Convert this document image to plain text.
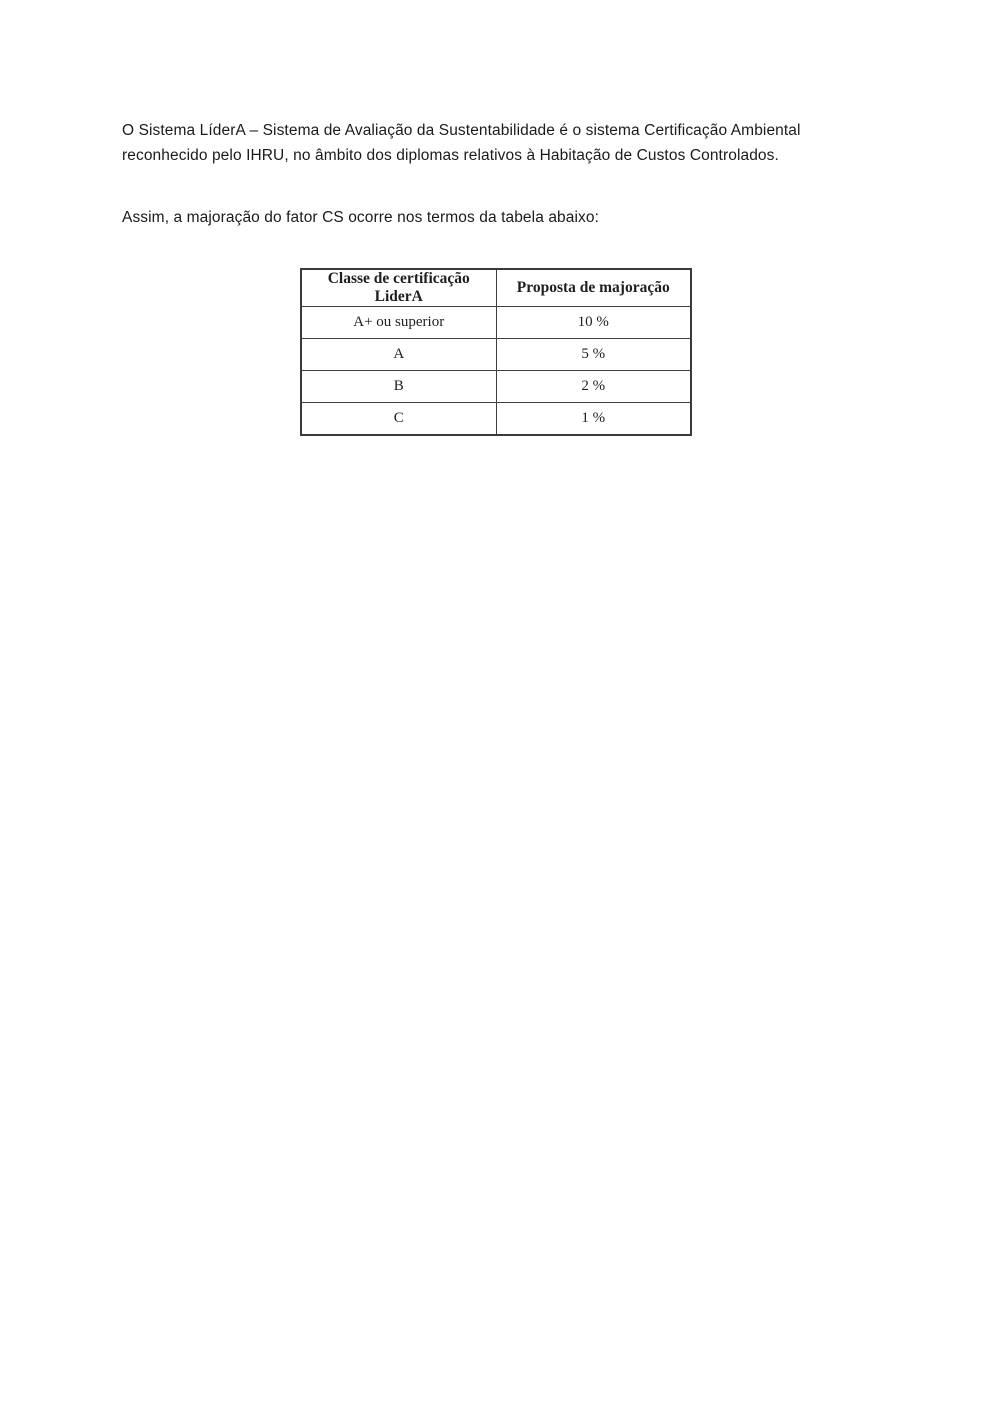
O Sistema LíderA – Sistema de Avaliação da Sustentabilidade é o sistema Certificação Ambiental reconhecido pelo IHRU, no âmbito dos diplomas relativos à Habitação de Custos Controlados.

Assim, a majoração do fator CS ocorre nos termos da tabela abaixo:

Classe de certificação LiderA	Proposta de majoração
A+ ou superior	10 %
A	5 %
B	2 %
C	1 %
